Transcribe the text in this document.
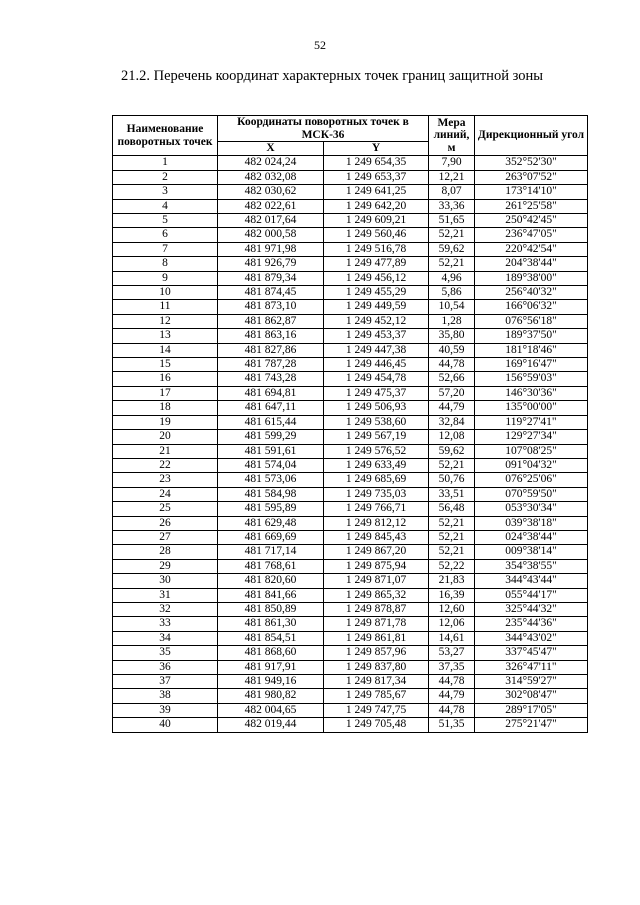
52
21.2. Перечень координат характерных точек границ защитной зоны
Наименование поворотных точек	Координаты поворотных точек в МСК-36		Мера линий, м	Дирекционный угол
	X	Y		
1	482 024,24	1 249 654,35	7,90	352°52'30"
2	482 032,08	1 249 653,37	12,21	263°07'52"
3	482 030,62	1 249 641,25	8,07	173°14'10"
4	482 022,61	1 249 642,20	33,36	261°25'58"
5	482 017,64	1 249 609,21	51,65	250°42'45"
6	482 000,58	1 249 560,46	52,21	236°47'05"
7	481 971,98	1 249 516,78	59,62	220°42'54"
8	481 926,79	1 249 477,89	52,21	204°38'44"
9	481 879,34	1 249 456,12	4,96	189°38'00"
10	481 874,45	1 249 455,29	5,86	256°40'32"
11	481 873,10	1 249 449,59	10,54	166°06'32"
12	481 862,87	1 249 452,12	1,28	076°56'18"
13	481 863,16	1 249 453,37	35,80	189°37'50"
14	481 827,86	1 249 447,38	40,59	181°18'46"
15	481 787,28	1 249 446,45	44,78	169°16'47"
16	481 743,28	1 249 454,78	52,66	156°59'03"
17	481 694,81	1 249 475,37	57,20	146°30'36"
18	481 647,11	1 249 506,93	44,79	135°00'00"
19	481 615,44	1 249 538,60	32,84	119°27'41"
20	481 599,29	1 249 567,19	12,08	129°27'34"
21	481 591,61	1 249 576,52	59,62	107°08'25"
22	481 574,04	1 249 633,49	52,21	091°04'32"
23	481 573,06	1 249 685,69	50,76	076°25'06"
24	481 584,98	1 249 735,03	33,51	070°59'50"
25	481 595,89	1 249 766,71	56,48	053°30'34"
26	481 629,48	1 249 812,12	52,21	039°38'18"
27	481 669,69	1 249 845,43	52,21	024°38'44"
28	481 717,14	1 249 867,20	52,21	009°38'14"
29	481 768,61	1 249 875,94	52,22	354°38'55"
30	481 820,60	1 249 871,07	21,83	344°43'44"
31	481 841,66	1 249 865,32	16,39	055°44'17"
32	481 850,89	1 249 878,87	12,60	325°44'32"
33	481 861,30	1 249 871,78	12,06	235°44'36"
34	481 854,51	1 249 861,81	14,61	344°43'02"
35	481 868,60	1 249 857,96	53,27	337°45'47"
36	481 917,91	1 249 837,80	37,35	326°47'11"
37	481 949,16	1 249 817,34	44,78	314°59'27"
38	481 980,82	1 249 785,67	44,79	302°08'47"
39	482 004,65	1 249 747,75	44,78	289°17'05"
40	482 019,44	1 249 705,48	51,35	275°21'47"
